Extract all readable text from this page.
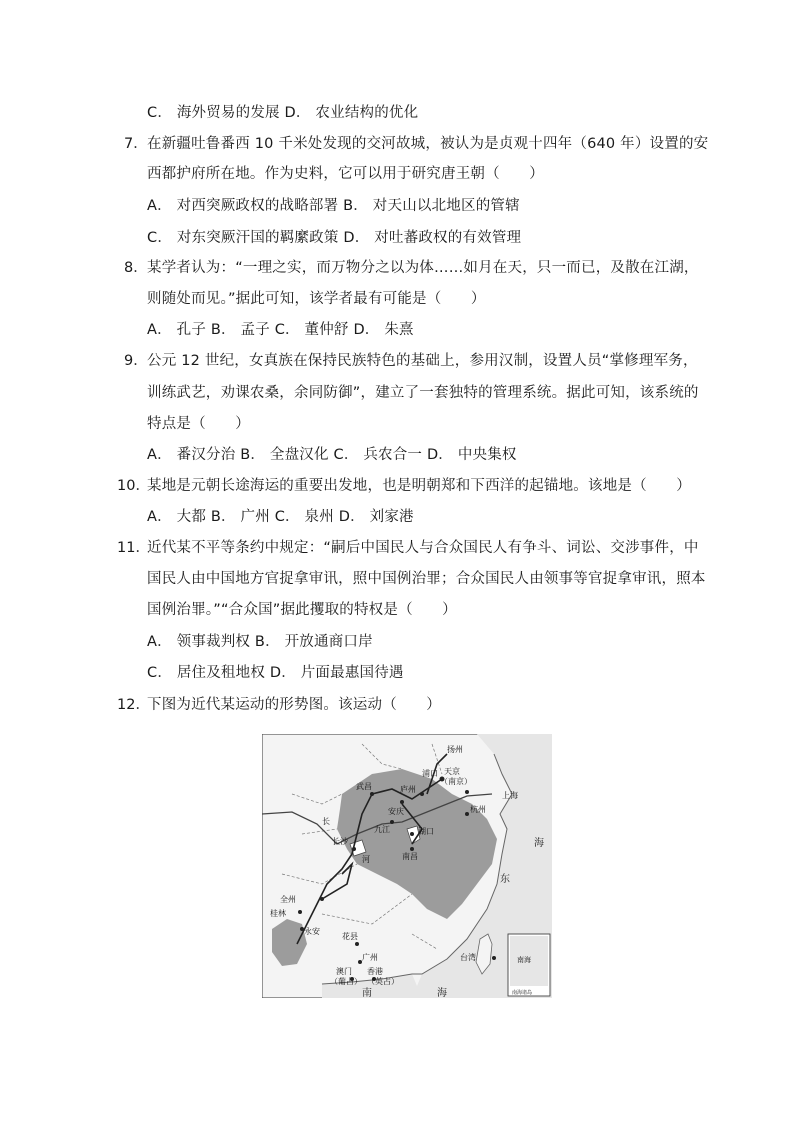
C． 海外贸易的发展 D． 农业结构的优化
7． 在新疆吐鲁番西 10 千米处发现的交河故城，被认为是贞观十四年（640 年）设置的安
西都护府所在地。作为史料，它可以用于研究唐王朝（　　）
A． 对西突厥政权的战略部署 B． 对天山以北地区的管辖
C． 对东突厥汗国的羁縻政策 D． 对吐蕃政权的有效管理
8． 某学者认为：“一理之实，而万物分之以为体……如月在天，只一而已，及散在江湖，
则随处而见。”据此可知，该学者最有可能是（　　）
A． 孔子 B． 孟子 C． 董仲舒 D． 朱熹
9． 公元 12 世纪，女真族在保持民族特色的基础上，参用汉制，设置人员“掌修理军务，
训练武艺，劝课农桑，余同防御”，建立了一套独特的管理系统。据此可知，该系统的
特点是（　　）
A． 番汉分治 B． 全盘汉化 C． 兵农合一 D． 中央集权
10．
某地是元朝长途海运的重要出发地，也是明朝郑和下西洋的起锚地。该地是（　　）
A． 大都 B． 广州 C． 泉州 D． 刘家港
11．
近代某不平等条约中规定：“嗣后中国民人与合众国民人有争斗、词讼、交涉事件，中
国民人由中国地方官捉拿审讯，照中国例治罪；合众国民人由领事等官捉拿审讯，照本
国例治罪。”“合众国”据此攫取的特权是（　　）
A． 领事裁判权 B． 开放通商口岸
C． 居住及租地权 D． 片面最惠国待遇
12．
下图为近代某运动的形势图。该运动（　　）
扬州
天京
（南京）
庐州
浦口
武昌
安庆	杭州
九江	湖口
南昌
长沙
全州
桂林
永安
花县
广州
澳门
（葡占）
香港
（英占）
台湾
上海
长
河
东
海
南	海
南海
南海诸岛
